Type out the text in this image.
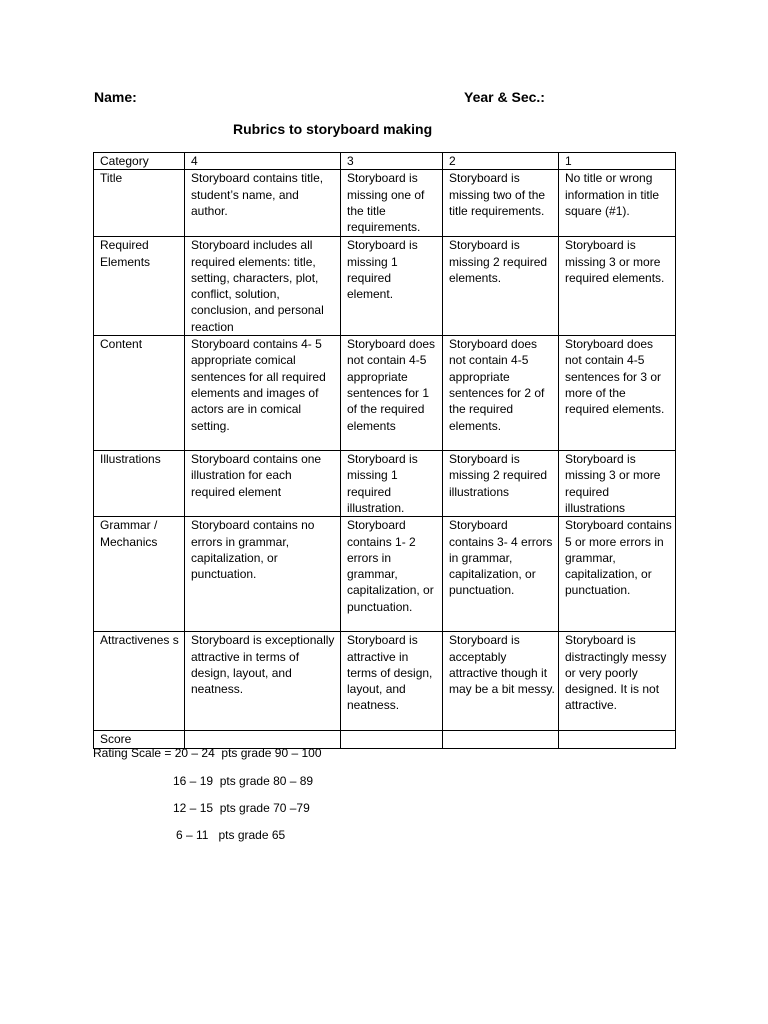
Name:	Year & Sec.:
Rubrics to storyboard making
Category	4	3	2	1
Title	Storyboard contains title, student’s name, and author.	Storyboard is missing one of the title requirements.	Storyboard is missing two of the title requirements.	No title or wrong information in title square (#1).
Required Elements	Storyboard includes all required elements: title, setting, characters, plot, conflict, solution, conclusion, and personal reaction	Storyboard is missing 1 required element.	Storyboard is missing 2 required elements.	Storyboard is missing 3 or more required elements.
Content	Storyboard contains 4- 5 appropriate comical sentences for all required elements and images of actors are in comical setting.	Storyboard does not contain 4-5 appropriate sentences for 1 of the required elements	Storyboard does not contain 4-5 appropriate sentences for 2 of the required elements.	Storyboard does not contain 4-5 sentences for 3 or more of the required elements.
Illustrations	Storyboard contains one illustration for each required element	Storyboard is missing 1 required illustration.	Storyboard is missing 2 required illustrations	Storyboard is missing 3 or more required illustrations
Grammar / Mechanics	Storyboard contains no errors in grammar, capitalization, or punctuation.	Storyboard contains 1- 2 errors in grammar, capitalization, or punctuation.	Storyboard contains 3- 4 errors in grammar, capitalization, or punctuation.	Storyboard contains 5 or more errors in grammar, capitalization, or punctuation.
Attractivenes s	Storyboard is exceptionally attractive in terms of design, layout, and neatness.	Storyboard is attractive in terms of design, layout, and neatness.	Storyboard is acceptably attractive though it may be a bit messy.	Storyboard is distractingly messy or very poorly designed. It is not attractive.
Score				
Rating Scale = 20 – 24  pts grade 90 – 100
16 – 19  pts grade 80 – 89
12 – 15  pts grade 70 –79
6 – 11   pts grade 65
